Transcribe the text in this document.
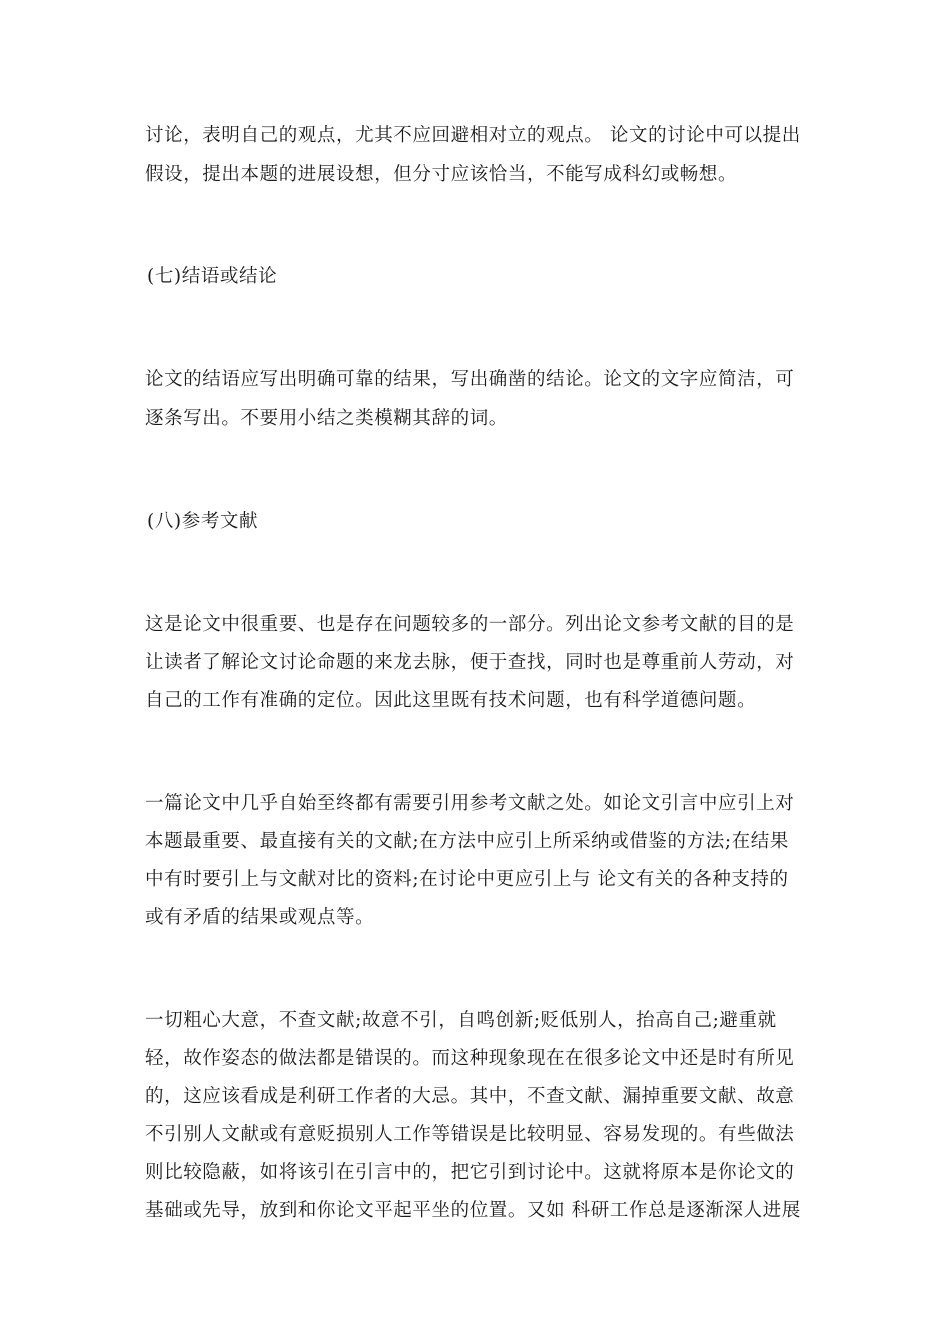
讨论，表明自己的观点，尤其不应回避相对立的观点。 论文的讨论中可以提出
假设，提出本题的进展设想，但分寸应该恰当，不能写成科幻或畅想。
(七)结语或结论
论文的结语应写出明确可靠的结果，写出确凿的结论。论文的文字应简洁，可
逐条写出。不要用小结之类模糊其辞的词。
(八)参考文献
这是论文中很重要、也是存在问题较多的一部分。列出论文参考文献的目的是
让读者了解论文讨论命题的来龙去脉，便于查找，同时也是尊重前人劳动，对
自己的工作有准确的定位。因此这里既有技术问题，也有科学道德问题。
一篇论文中几乎自始至终都有需要引用参考文献之处。如论文引言中应引上对
本题最重要、最直接有关的文献;在方法中应引上所采纳或借鉴的方法;在结果
中有时要引上与文献对比的资料;在讨论中更应引上与 论文有关的各种支持的
或有矛盾的结果或观点等。
一切粗心大意，不查文献;故意不引，自鸣创新;贬低别人，抬高自己;避重就
轻，故作姿态的做法都是错误的。而这种现象现在在很多论文中还是时有所见
的，这应该看成是利研工作者的大忌。其中，不查文献、漏掉重要文献、故意
不引别人文献或有意贬损别人工作等错误是比较明显、容易发现的。有些做法
则比较隐蔽，如将该引在引言中的，把它引到讨论中。这就将原本是你论文的
基础或先导，放到和你论文平起平坐的位置。又如 科研工作总是逐渐深人进展
